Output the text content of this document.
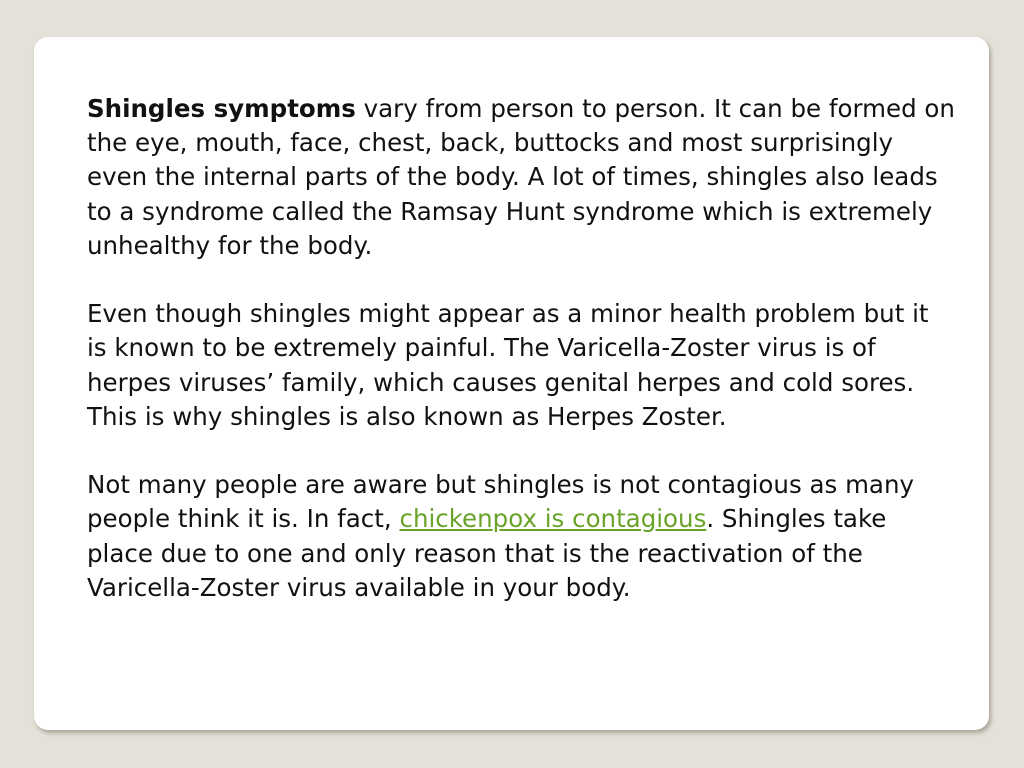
Shingles symptoms vary from person to person. It can be formed on the eye, mouth, face, chest, back, buttocks and most surprisingly even the internal parts of the body. A lot of times, shingles also leads to a syndrome called the Ramsay Hunt syndrome which is extremely unhealthy for the body.

Even though shingles might appear as a minor health problem but it is known to be extremely painful. The Varicella-Zoster virus is of herpes viruses’ family, which causes genital herpes and cold sores. This is why shingles is also known as Herpes Zoster.

Not many people are aware but shingles is not contagious as many people think it is. In fact, chickenpox is contagious. Shingles take place due to one and only reason that is the reactivation of the Varicella-Zoster virus available in your body.
